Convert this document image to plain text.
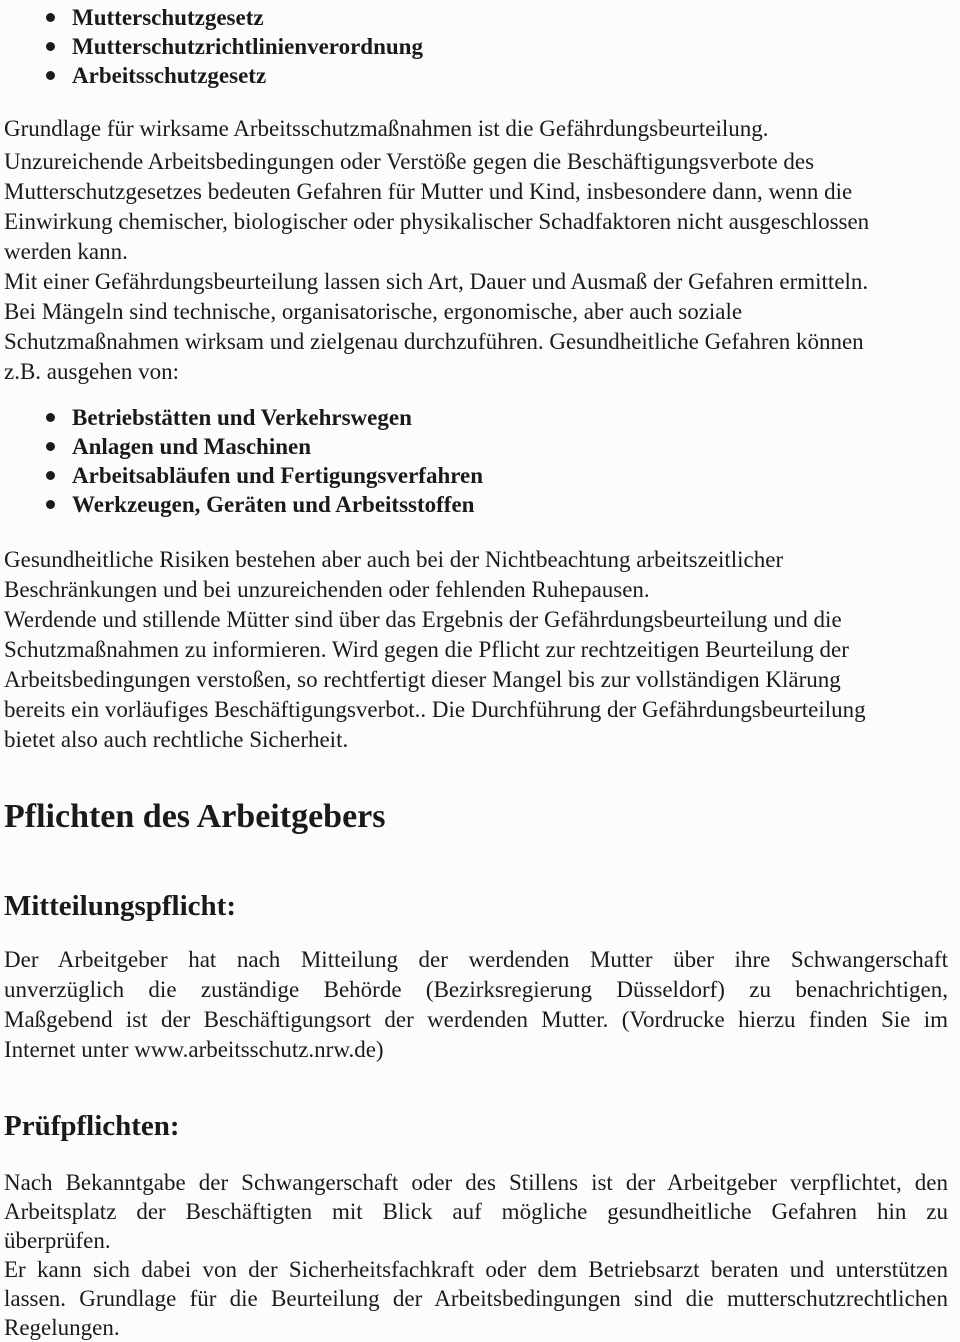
Mutterschutzgesetz
Mutterschutzrichtlinienverordnung
Arbeitsschutzgesetz
Grundlage für wirksame Arbeitsschutzmaßnahmen ist die Gefährdungsbeurteilung.
Unzureichende Arbeitsbedingungen oder Verstöße gegen die Beschäftigungsverbote des
Mutterschutzgesetzes bedeuten Gefahren für Mutter und Kind, insbesondere dann, wenn die
Einwirkung chemischer, biologischer oder physikalischer Schadfaktoren nicht ausgeschlossen
werden kann.
Mit einer Gefährdungsbeurteilung lassen sich Art, Dauer und Ausmaß der Gefahren ermitteln.
Bei Mängeln sind technische, organisatorische, ergonomische, aber auch soziale
Schutzmaßnahmen wirksam und zielgenau durchzuführen. Gesundheitliche Gefahren können
z.B. ausgehen von:
Betriebstätten und Verkehrswegen
Anlagen und Maschinen
Arbeitsabläufen und Fertigungsverfahren
Werkzeugen, Geräten und Arbeitsstoffen
Gesundheitliche Risiken bestehen aber auch bei der Nichtbeachtung arbeitszeitlicher
Beschränkungen und bei unzureichenden oder fehlenden Ruhepausen.
Werdende und stillende Mütter sind über das Ergebnis der Gefährdungsbeurteilung und die
Schutzmaßnahmen zu informieren. Wird gegen die Pflicht zur rechtzeitigen Beurteilung der
Arbeitsbedingungen verstoßen, so rechtfertigt dieser Mangel bis zur vollständigen Klärung
bereits ein vorläufiges Beschäftigungsverbot.. Die Durchführung der Gefährdungsbeurteilung
bietet also auch rechtliche Sicherheit.
Pflichten des Arbeitgebers
Mitteilungspflicht:
Der Arbeitgeber hat nach Mitteilung der werdenden Mutter über ihre Schwangerschaft
unverzüglich die zuständige Behörde (Bezirksregierung Düsseldorf) zu benachrichtigen,
Maßgebend ist der Beschäftigungsort der werdenden Mutter. (Vordrucke hierzu finden Sie im
Internet unter www.arbeitsschutz.nrw.de)
Prüfpflichten:
Nach Bekanntgabe der Schwangerschaft oder des Stillens ist der Arbeitgeber verpflichtet, den
Arbeitsplatz der Beschäftigten mit Blick auf mögliche gesundheitliche Gefahren hin zu
überprüfen.
Er kann sich dabei von der Sicherheitsfachkraft oder dem Betriebsarzt beraten und unterstützen
lassen. Grundlage für die Beurteilung der Arbeitsbedingungen sind die mutterschutzrechtlichen
Regelungen.
